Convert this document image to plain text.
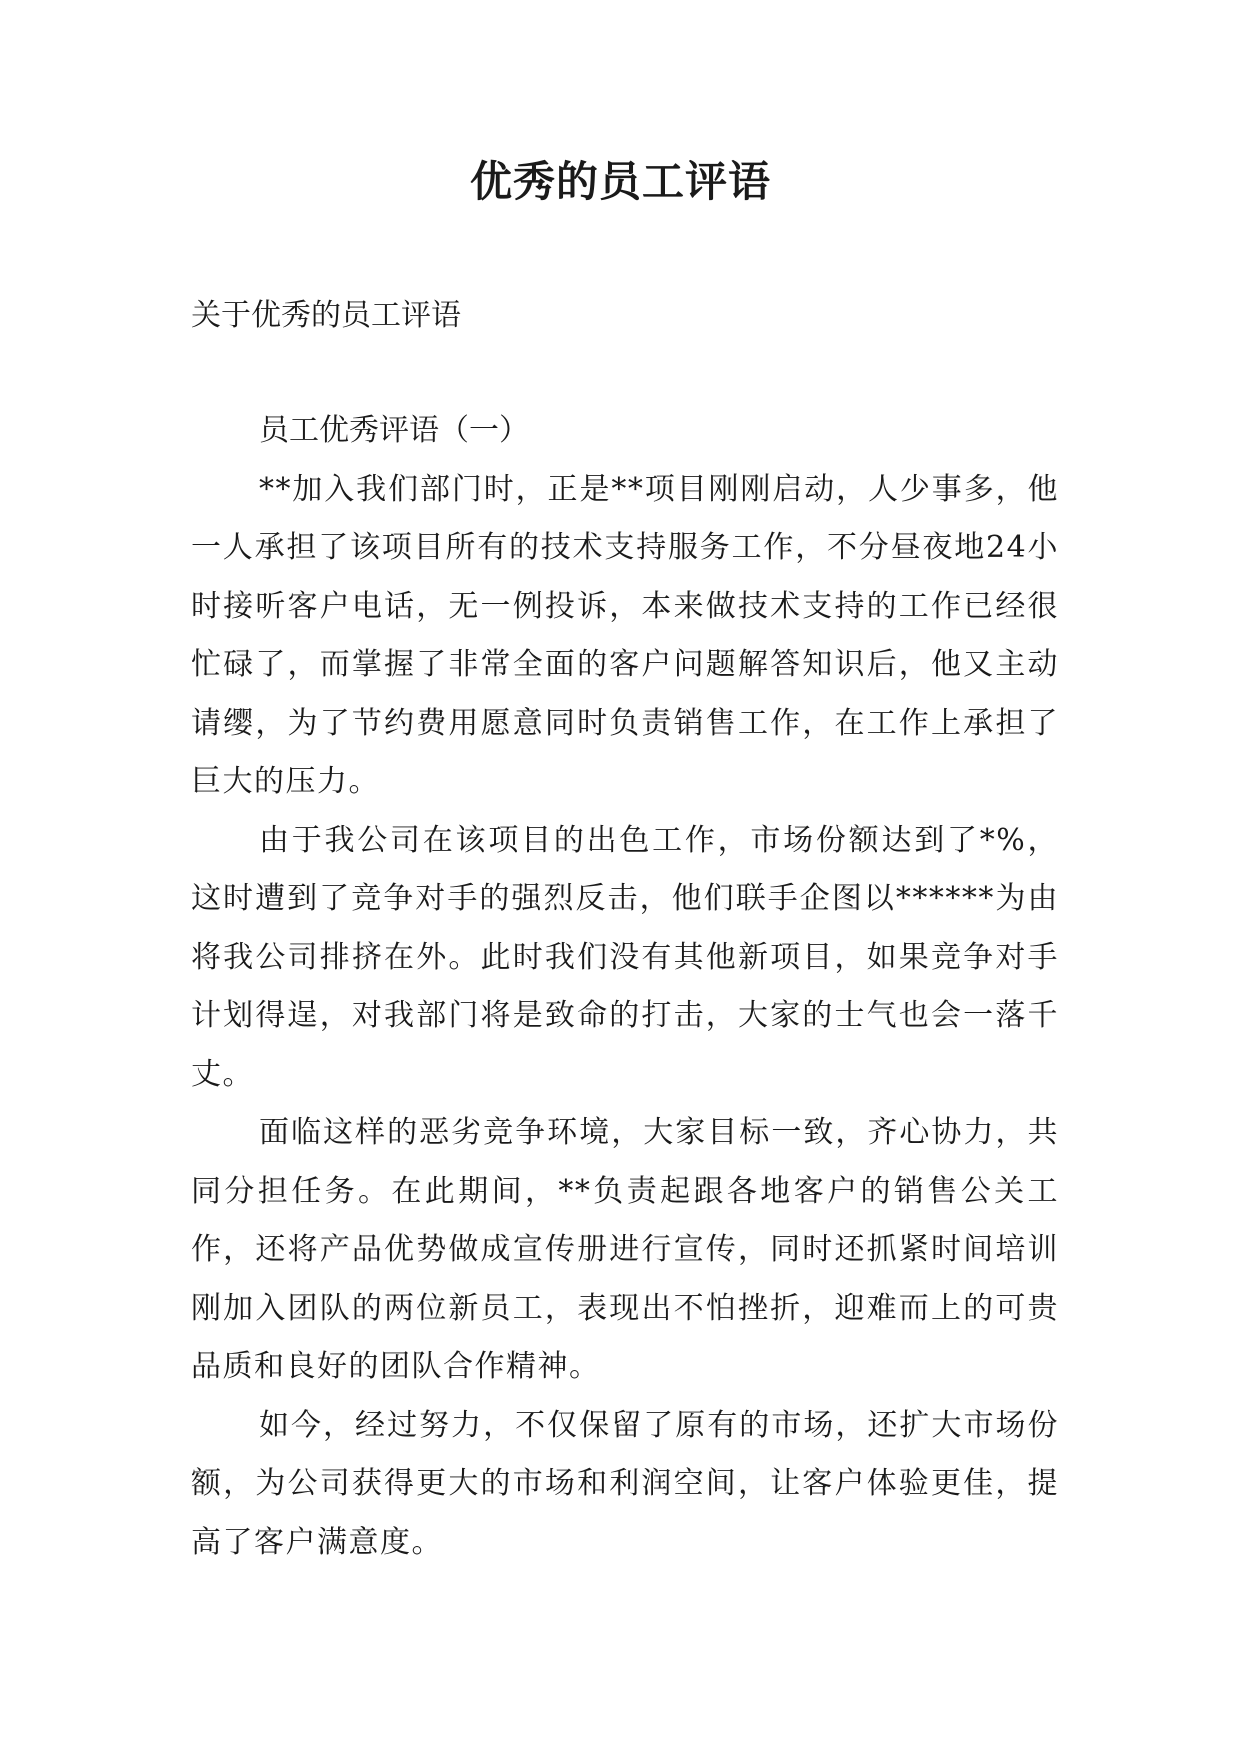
优秀的员工评语

关于优秀的员工评语

员工优秀评语（一）

**加入我们部门时，正是**项目刚刚启动，人少事多，他一人承担了该项目所有的技术支持服务工作，不分昼夜地24小时接听客户电话，无一例投诉，本来做技术支持的工作已经很忙碌了，而掌握了非常全面的客户问题解答知识后，他又主动请缨，为了节约费用愿意同时负责销售工作，在工作上承担了巨大的压力。

由于我公司在该项目的出色工作，市场份额达到了*%，这时遭到了竞争对手的强烈反击，他们联手企图以******为由将我公司排挤在外。此时我们没有其他新项目，如果竞争对手计划得逞，对我部门将是致命的打击，大家的士气也会一落千丈。

面临这样的恶劣竞争环境，大家目标一致，齐心协力，共同分担任务。在此期间，**负责起跟各地客户的销售公关工作，还将产品优势做成宣传册进行宣传，同时还抓紧时间培训刚加入团队的两位新员工，表现出不怕挫折，迎难而上的可贵品质和良好的团队合作精神。

如今，经过努力，不仅保留了原有的市场，还扩大市场份额，为公司获得更大的市场和利润空间，让客户体验更佳，提高了客户满意度。
